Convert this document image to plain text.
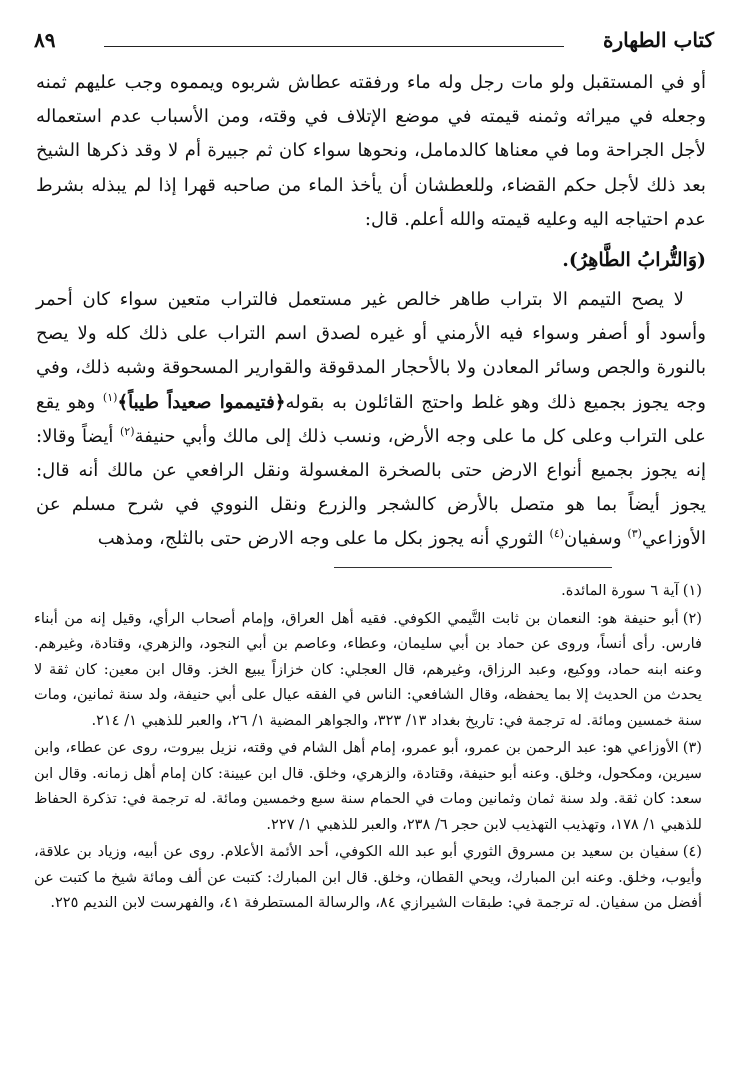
كتاب الطهارة
٨٩

أو في المستقبل ولو مات رجل وله ماء ورفقته عطاش شربوه ويمموه وجب عليهم ثمنه وجعله في ميراثه وثمنه قيمته في موضع الإتلاف في وقته، ومن الأسباب عدم استعماله لأجل الجراحة وما في معناها كالدمامل، ونحوها سواء كان ثم جبيرة أم لا وقد ذكرها الشيخ بعد ذلك لأجل حكم القضاء، وللعطشان أن يأخذ الماء من صاحبه قهرا إذا لم يبذله بشرط عدم احتياجه اليه وعليه قيمته والله أعلم. قال:

(وَالتُّرابُ الطَّاهِرُ).

لا يصح التيمم الا بتراب طاهر خالص غير مستعمل فالتراب متعين سواء كان أحمر وأسود أو أصفر وسواء فيه الأرمني أو غيره لصدق اسم التراب على ذلك كله ولا يصح بالنورة والجص وسائر المعادن ولا بالأحجار المدقوقة والقوارير المسحوقة وشبه ذلك، وفي وجه يجوز بجميع ذلك وهو غلط واحتج القائلون به بقوله﴿فتيمموا صعيداً طيباً﴾$^{(١)}$ وهو يقع على التراب وعلى كل ما على وجه الأرض، ونسب ذلك إلى مالك وأبي حنيفة$^{(٢)}$ أيضاً وقالا: إنه يجوز بجميع أنواع الارض حتى بالصخرة المغسولة ونقل الرافعي عن مالك أنه قال: يجوز أيضاً بما هو متصل بالأرض كالشجر والزرع ونقل النووي في شرح مسلم عن الأوزاعي$^{(٣)}$ وسفيان$^{(٤)}$ الثوري أنه يجوز بكل ما على وجه الارض حتى بالثلج، ومذهب

(١)آية ٦ سورة المائدة.

(٢)أبو حنيفة هو: النعمان بن ثابت التَّيمي الكوفي. فقيه أهل العراق، وإمام أصحاب الرأي، وقيل إنه من أبناء فارس. رأى أنساً، وروى عن حماد بن أبي سليمان، وعطاء، وعاصم بن أبي النجود، والزهري، وقتادة، وغيرهم. وعنه ابنه حماد، ووكيع، وعبد الرزاق، وغيرهم، قال العجلي: كان خزازاً يبيع الخز. وقال ابن معين: كان ثقة لا يحدث من الحديث إلا بما يحفظه، وقال الشافعي: الناس في الفقه عيال على أبي حنيفة، ولد سنة ثمانين، ومات سنة خمسين ومائة. له ترجمة في: تاريخ بغداد ١٣/ ٣٢٣، والجواهر المضية ١/ ٢٦، والعبر للذهبي ١/ ٢١٤.

(٣)الأوزاعي هو: عبد الرحمن بن عمرو، أبو عمرو، إمام أهل الشام في وقته، نزيل بيروت، روى عن عطاء، وابن سيرين، ومكحول، وخلق. وعنه أبو حنيفة، وقتادة، والزهري، وخلق. قال ابن عيينة: كان إمام أهل زمانه. وقال ابن سعد: كان ثقة. ولد سنة ثمان وثمانين ومات في الحمام سنة سبع وخمسين ومائة. له ترجمة في: تذكرة الحفاظ للذهبي ١/ ١٧٨، وتهذيب التهذيب لابن حجر ٦/ ٢٣٨، والعبر للذهبي ١/ ٢٢٧.

(٤)سفيان بن سعيد بن مسروق الثوري أبو عبد الله الكوفي، أحد الأئمة الأعلام. روى عن أبيه، وزياد بن علاقة، وأيوب، وخلق. وعنه ابن المبارك، ويحي القطان، وخلق. قال ابن المبارك: كتبت عن ألف ومائة شيخ ما كتبت عن أفضل من سفيان. له ترجمة في: طبقات الشيرازي ٨٤، والرسالة المستطرفة ٤١، والفهرست لابن النديم ٢٢٥.
